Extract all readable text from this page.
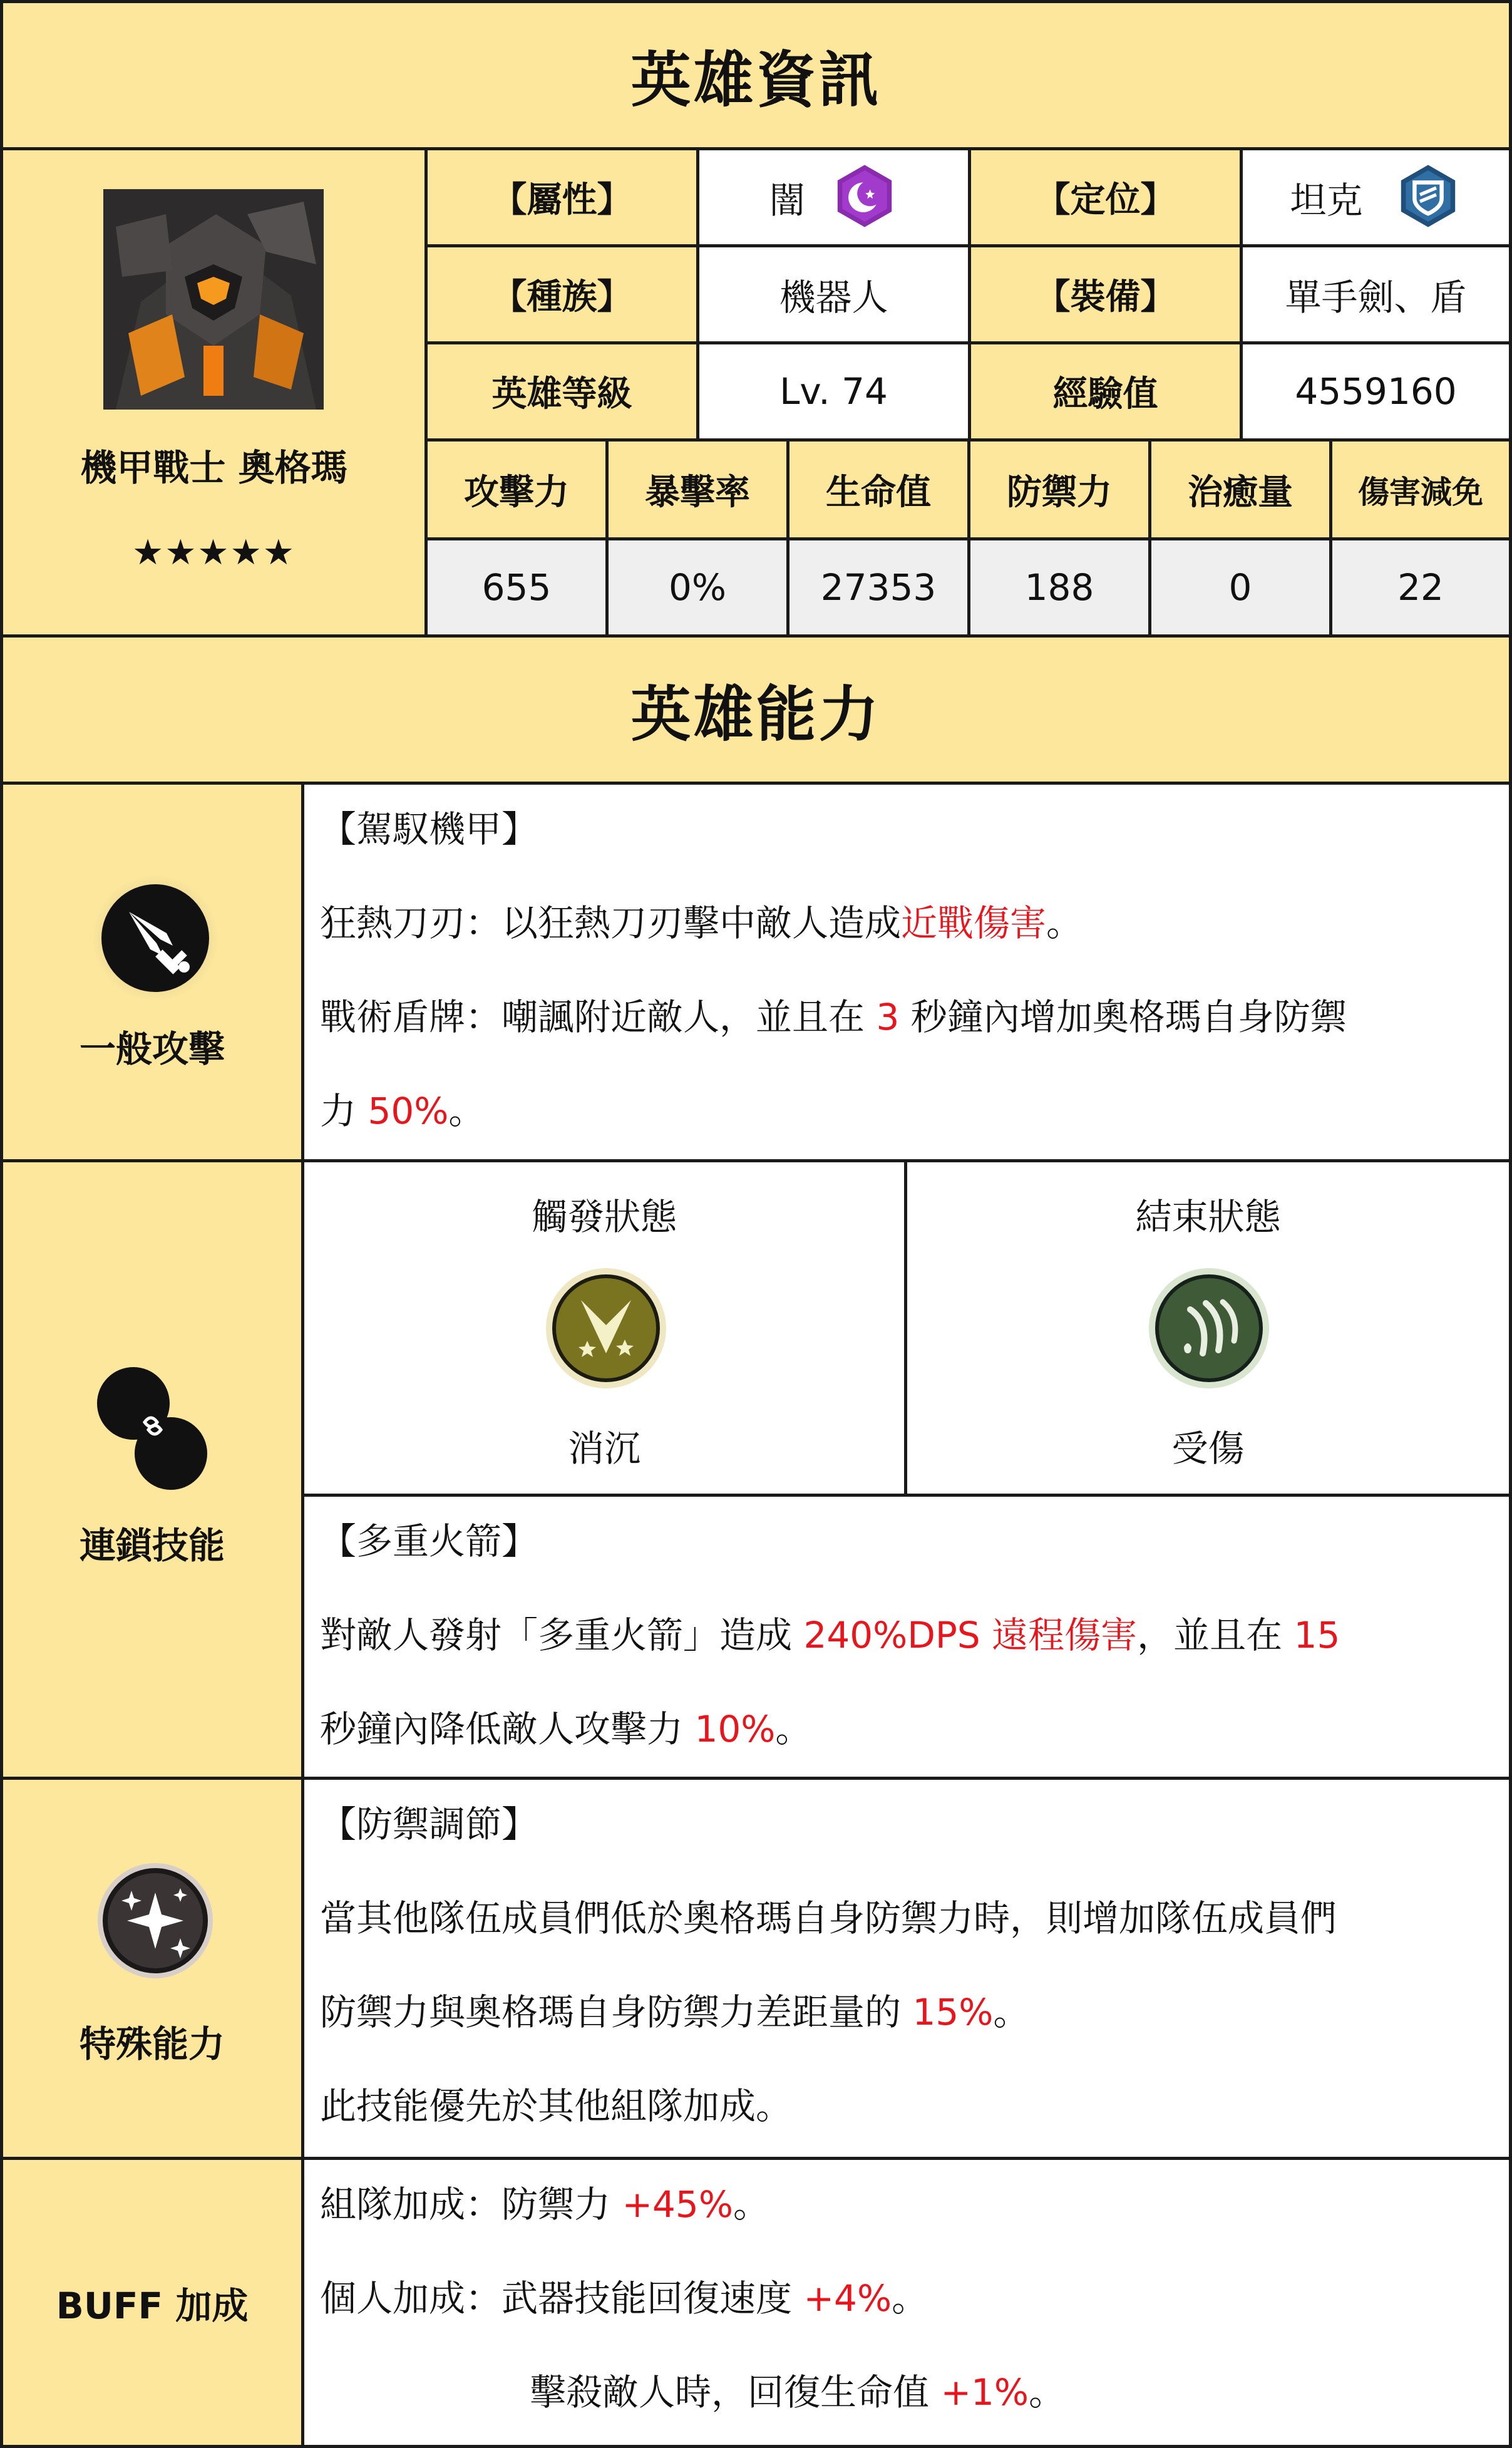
英雄資訊
機甲戰士 奧格瑪
★★★★★
【屬性】	闇	【定位】	坦克
【種族】	機器人	【裝備】	單手劍、盾
英雄等級	Lv. 74	經驗值	4559160
攻擊力 暴擊率 生命值 防禦力 治癒量 傷害減免
655	0%	27353 188	0	22
英雄能力
一般攻擊
【駕馭機甲】
狂熱刀刃：以狂熱刀刃擊中敵人造成近戰傷害。
戰術盾牌：嘲諷附近敵人，並且在 3 秒鐘內增加奧格瑪自身防禦
力 50%。
連鎖技能
觸發狀態
消沉
結束狀態
受傷
【多重火箭】
對敵人發射「多重火箭」造成 240%DPS 遠程傷害，並且在 15
秒鐘內降低敵人攻擊力 10%。
特殊能力
【防禦調節】
當其他隊伍成員們低於奧格瑪自身防禦力時，則增加隊伍成員們
防禦力與奧格瑪自身防禦力差距量的 15%。
此技能優先於其他組隊加成。
BUFF 加成
組隊加成：防禦力 +45%。
個人加成：武器技能回復速度 +4%。
擊殺敵人時，回復生命值 +1%。
